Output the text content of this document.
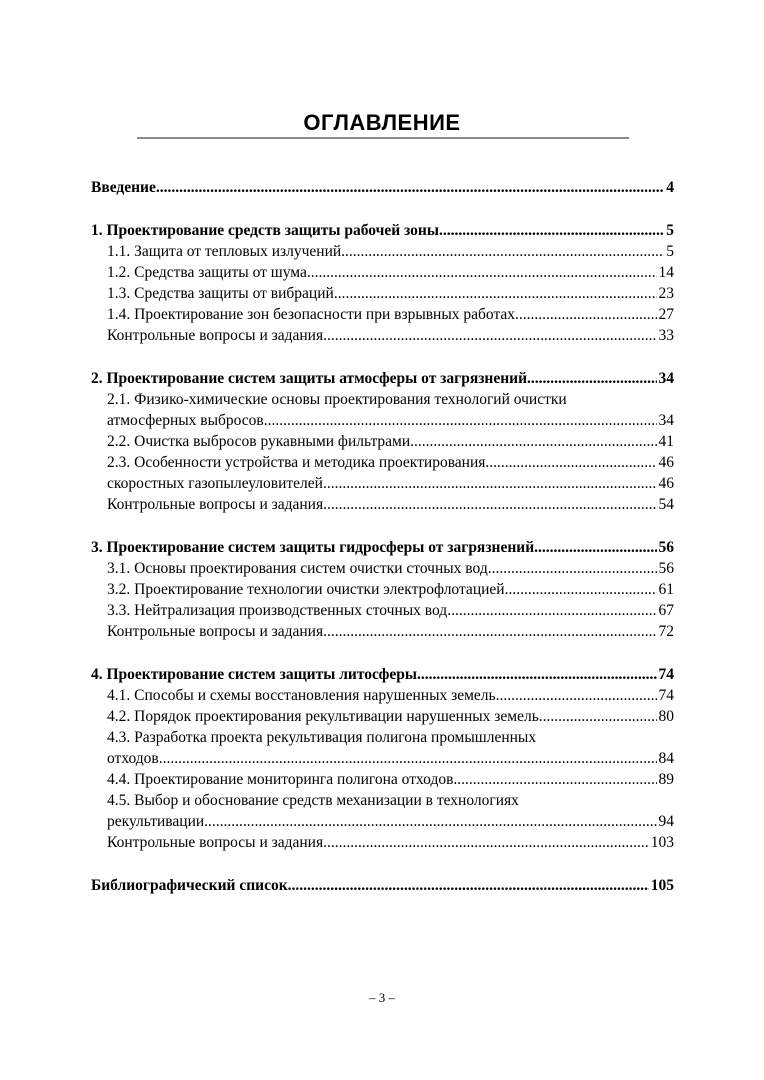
ОГЛАВЛЕНИЕ
Введение .....	4
1. Проектирование средств защиты рабочей зоны .....	5
1.1. Защита от тепловых излучений .....	5
1.2. Средства защиты от шума .....	14
1.3. Средства защиты от вибраций .....	23
1.4. Проектирование зон безопасности при взрывных работах .....	27
Контрольные вопросы и задания .....	33
2. Проектирование систем защиты атмосферы от загрязнений .....	34
2.1. Физико-химические основы проектирования технологий очистки
атмосферных выбросов .....	34
2.2. Очистка выбросов рукавными фильтрами .....	41
2.3. Особенности устройства и методика проектирования .....	46
скоростных газопылеуловителей .....	46
Контрольные вопросы и задания .....	54
3. Проектирование систем защиты гидросферы от загрязнений .....	56
3.1. Основы проектирования систем очистки сточных вод .....	56
3.2. Проектирование технологии очистки электрофлотацией .....	61
3.3. Нейтрализация производственных сточных вод .....	67
Контрольные вопросы и задания .....	72
4. Проектирование систем защиты литосферы .....	74
4.1. Способы и схемы восстановления нарушенных земель .....	74
4.2. Порядок проектирования рекультивации нарушенных земель .....	80
4.3. Разработка проекта рекультивация полигона промышленных
отходов .....	84
4.4. Проектирование мониторинга полигона отходов .....	89
4.5. Выбор и обоснование средств механизации в технологиях
рекультивации .....	94
Контрольные вопросы и задания .....	103
Библиографический список .....	105
– 3 –
